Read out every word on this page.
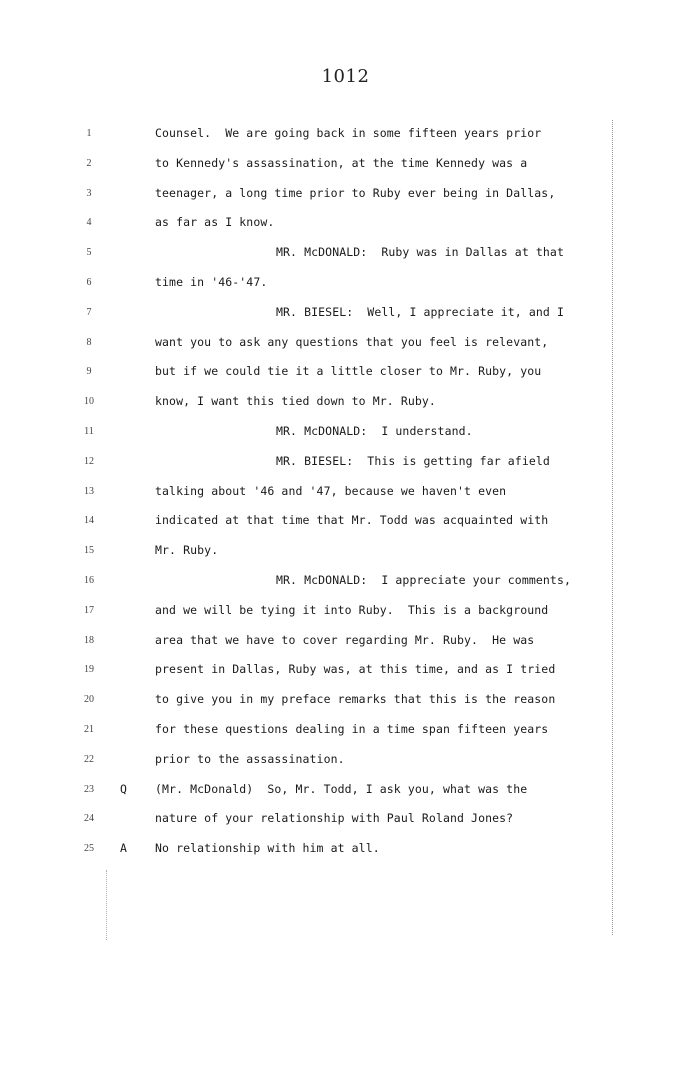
1012
1	Counsel.  We are going back in some fifteen years prior
2	to Kennedy's assassination, at the time Kennedy was a
3	teenager, a long time prior to Ruby ever being in Dallas,
4	as far as I know.
5	MR. McDONALD:  Ruby was in Dallas at that
6	time in '46-'47.
7	MR. BIESEL:  Well, I appreciate it, and I
8	want you to ask any questions that you feel is relevant,
9	but if we could tie it a little closer to Mr. Ruby, you
10	know, I want this tied down to Mr. Ruby.
11	MR. McDONALD:  I understand.
12	MR. BIESEL:  This is getting far afield
13	talking about '46 and '47, because we haven't even
14	indicated at that time that Mr. Todd was acquainted with
15	Mr. Ruby.
16	MR. McDONALD:  I appreciate your comments,
17	and we will be tying it into Ruby.  This is a background
18	area that we have to cover regarding Mr. Ruby.  He was
19	present in Dallas, Ruby was, at this time, and as I tried
20	to give you in my preface remarks that this is the reason
21	for these questions dealing in a time span fifteen years
22	prior to the assassination.
23	Q (Mr. McDonald)  So, Mr. Todd, I ask you, what was the
24	nature of your relationship with Paul Roland Jones?
25	A No relationship with him at all.
